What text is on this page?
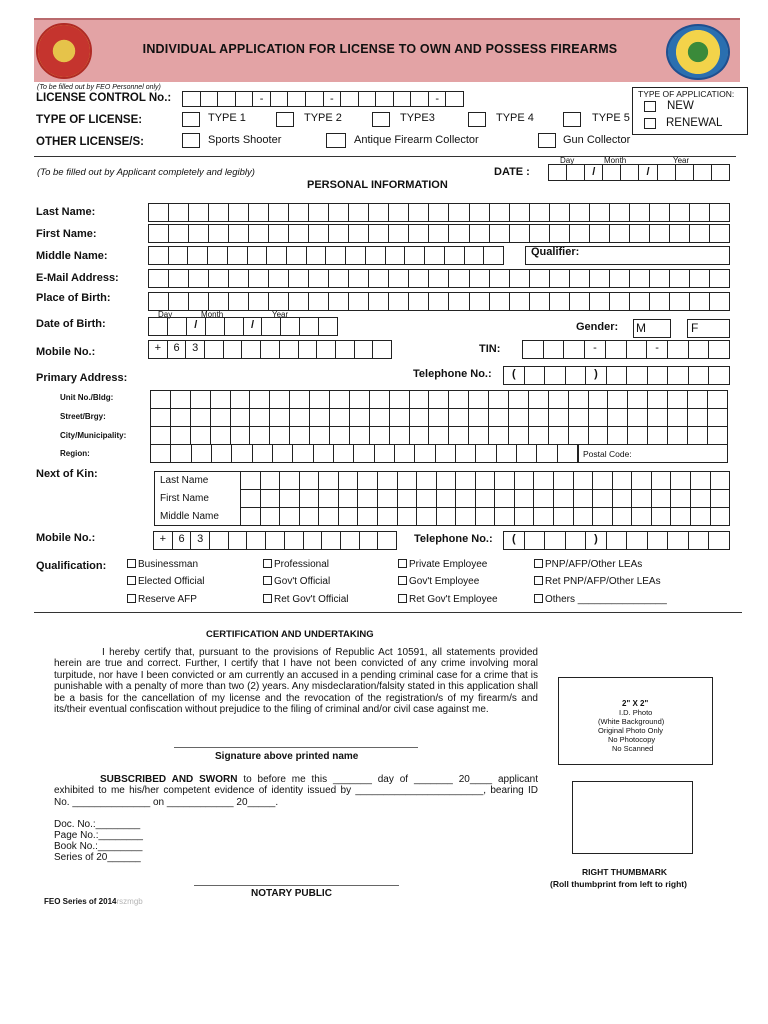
INDIVIDUAL APPLICATION FOR LICENSE TO OWN AND POSSESS FIREARMS
(To be filled out by FEO Personnel only)
LICENSE CONTROL No.:	-	-	-
TYPE OF LICENSE:	TYPE 1	TYPE 2	TYPE3	TYPE 4	TYPE 5
OTHER LICENSE/S:	Sports Shooter	Antique Firearm Collector	Gun Collector
TYPE OF APPLICATION:
NEW
RENEWAL
(To be filled out by Applicant completely and legibly)
Day	Month	Year
DATE :	/	/
PERSONAL INFORMATION
Last Name:
First Name:
Middle Name:	Qualifier:
E-Mail Address:
Place of Birth:
Day	Month	Year
Date of Birth:	/	/	Gender: M	F
Mobile No.:	+	6	3	TIN:	-	-
Primary Address:	Telephone No.:	(	)
Postal Code:
Unit No./Bldg:
Street/Brgy:
City/Municipality:
Region:
Next of Kin:
Last Name
First Name
Middle Name
Mobile No.:	+	6	3	Telephone No.:	(	)
Qualification:	Businessman	Professional	Private Employee	PNP/AFP/Other LEAs
Elected Official	Gov't Official	Gov't Employee	Ret PNP/AFP/Other LEAs
Reserve AFP	Ret Gov't Official	Ret Gov't Employee	Others ________________
CERTIFICATION AND UNDERTAKING
I hereby certify that, pursuant to the provisions of Republic Act 10591, all statements provided herein are true and correct. Further, I certify that I have not been convicted of any crime involving moral turpitude, nor have I been convicted or am currently an accused in a pending criminal case for a crime that is punishable with a penalty of more than two (2) years. Any misdeclaration/falsity stated in this application shall be a basis for the cancellation of my license and the revocation of the registration/s of my firearm/s and its/their eventual confiscation without prejudice to the filing of criminal and/or civil case against me.
Signature above printed name
SUBSCRIBED AND SWORN to before me this _______ day of _______ 20____ applicant exhibited to me his/her competent evidence of identity issued by _______________________, bearing ID No. ______________ on ____________ 20_____.
Doc. No.:________
Page No.:________
Book No.:________
Series of 20______
NOTARY PUBLIC
2" X 2"
I.D. Photo
(White Background)
Original Photo Only
No Photocopy
No Scanned
RIGHT THUMBMARK
(Roll thumbprint from left to right)
FEO Series of 2014rszmgb
